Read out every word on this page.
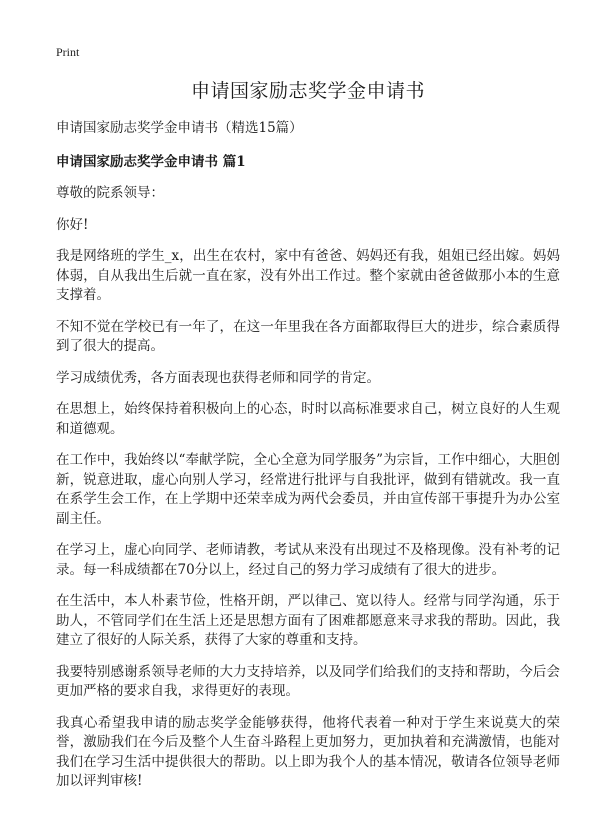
Print
申请国家励志奖学金申请书
申请国家励志奖学金申请书（精选15篇）
申请国家励志奖学金申请书 篇1

尊敬的院系领导：

你好!

我是网络班的学生_x，出生在农村，家中有爸爸、妈妈还有我，姐姐已经出嫁。妈妈体弱，自从我出生后就一直在家，没有外出工作过。整个家就由爸爸做那小本的生意支撑着。

不知不觉在学校已有一年了，在这一年里我在各方面都取得巨大的进步，综合素质得到了很大的提高。

学习成绩优秀，各方面表现也获得老师和同学的肯定。

在思想上，始终保持着积极向上的心态，时时以高标准要求自己，树立良好的人生观和道德观。

在工作中，我始终以“奉献学院，全心全意为同学服务”为宗旨，工作中细心，大胆创新，锐意进取，虚心向别人学习，经常进行批评与自我批评，做到有错就改。我一直在系学生会工作，在上学期中还荣幸成为两代会委员，并由宣传部干事提升为办公室副主任。

在学习上，虚心向同学、老师请教，考试从来没有出现过不及格现像。没有补考的记录。每一科成绩都在70分以上，经过自己的努力学习成绩有了很大的进步。

在生活中，本人朴素节俭，性格开朗，严以律己、宽以待人。经常与同学沟通，乐于助人，不管同学们在生活上还是思想方面有了困难都愿意来寻求我的帮助。因此，我建立了很好的人际关系，获得了大家的尊重和支持。

我要特别感谢系领导老师的大力支持培养，以及同学们给我们的支持和帮助，今后会更加严格的要求自我，求得更好的表现。

我真心希望我申请的励志奖学金能够获得，他将代表着一种对于学生来说莫大的荣誉，激励我们在今后及整个人生奋斗路程上更加努力，更加执着和充满激情，也能对我们在学习生活中提供很大的帮助。以上即为我个人的基本情况，敬请各位领导老师加以评判审核!
